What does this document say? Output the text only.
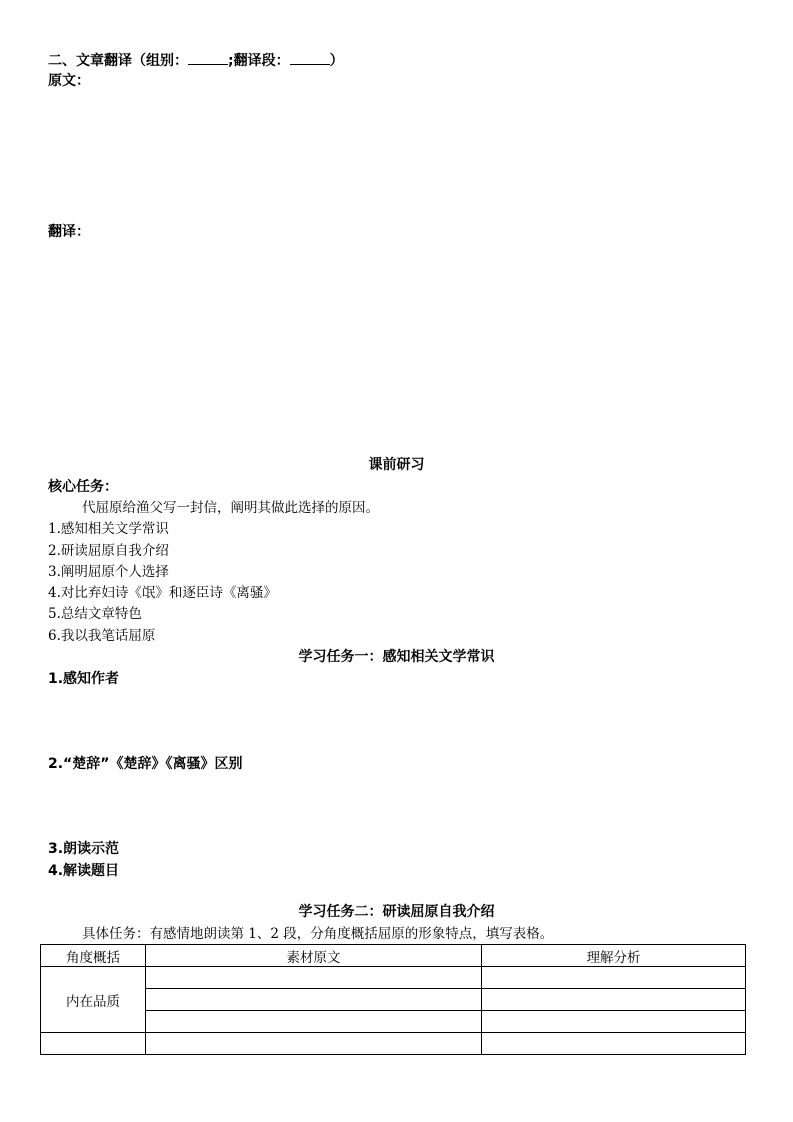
二、文章翻译（组别：	;翻译段：	）
原文：
翻译：
课前研习
核心任务：
代屈原给渔父写一封信，阐明其做此选择的原因。
1.感知相关文学常识
2.研读屈原自我介绍
3.阐明屈原个人选择
4.对比弃妇诗《氓》和逐臣诗《离骚》
5.总结文章特色
6.我以我笔话屈原
学习任务一：感知相关文学常识
1.感知作者
2.“楚辞”《楚辞》《离骚》区别
3.朗读示范
4.解读题目
学习任务二：研读屈原自我介绍
具体任务：有感情地朗读第 1、2 段，分角度概括屈原的形象特点，填写表格。
角度概括	素材原文	理解分析
内在品质		
